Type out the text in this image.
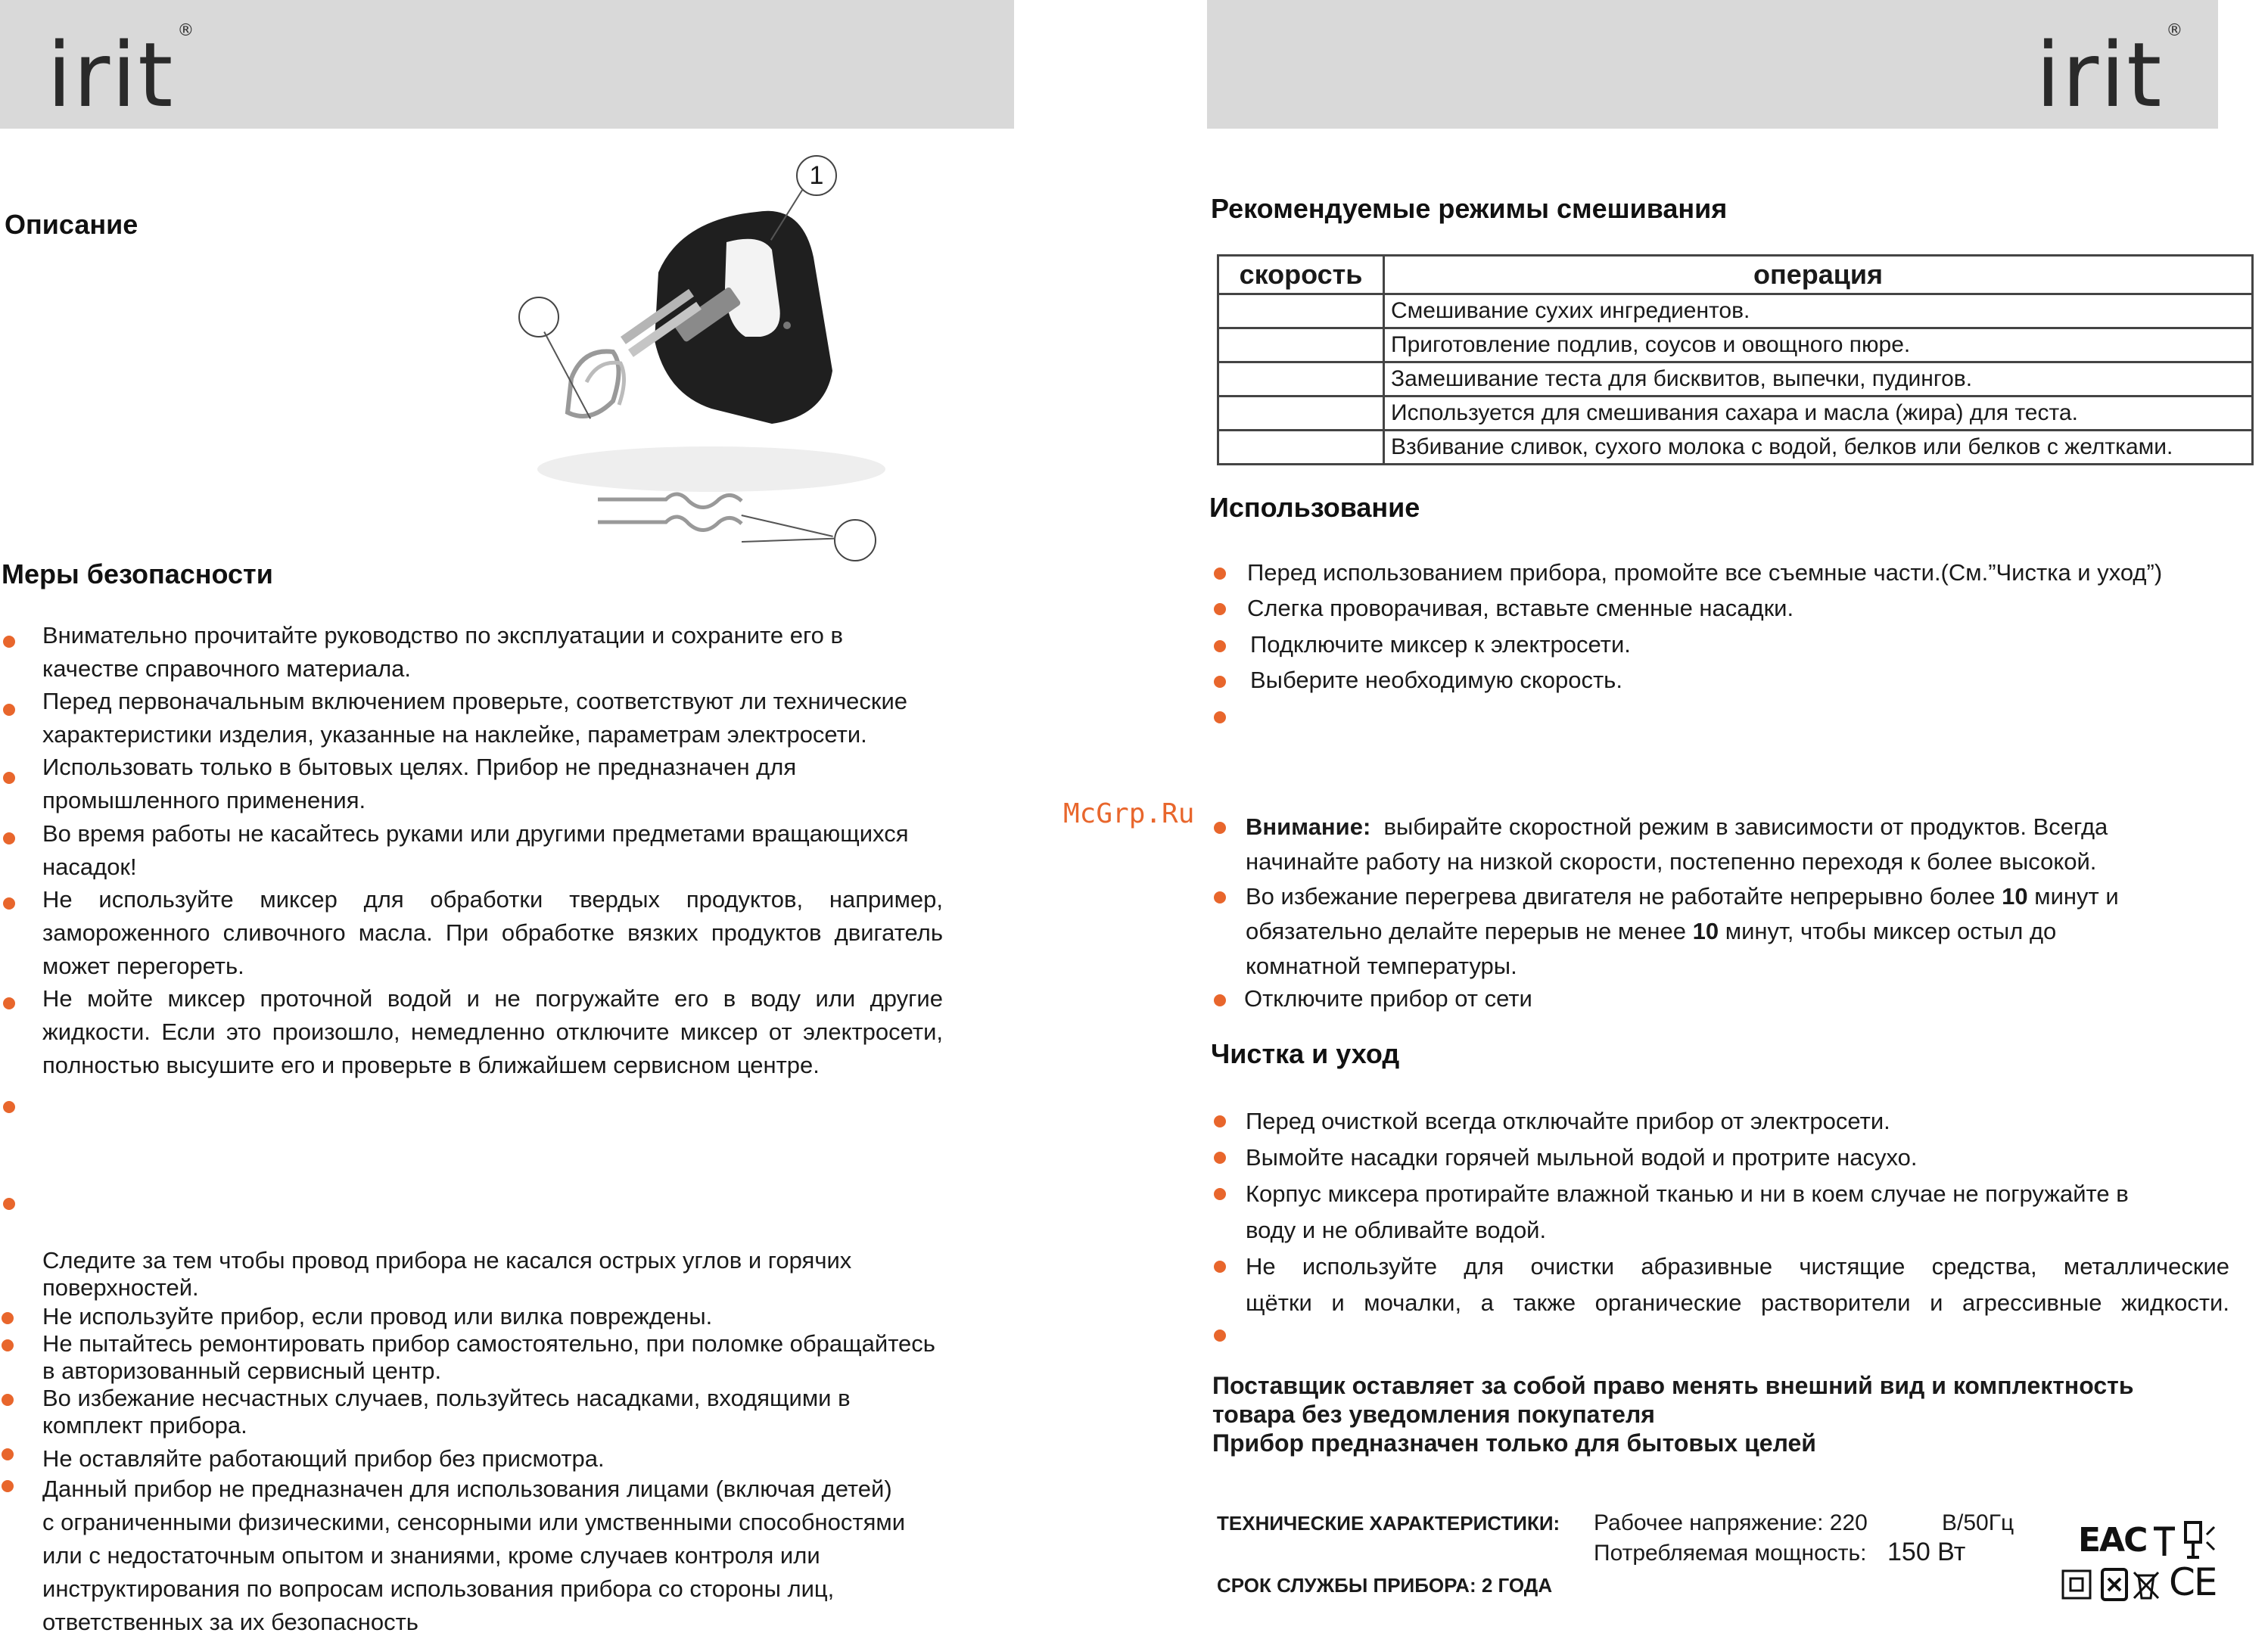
irit ®
Описание
1
Меры безопасности
Внимательно прочитайте руководство по эксплуатации и сохраните его в
качестве справочного материала.
Перед первоначальным включением проверьте, соответствуют ли технические
характеристики изделия, указанные на наклейке, параметрам электросети.
Использовать только в бытовых целях. Прибор не предназначен для
промышленного применения.
Во время работы не касайтесь руками или другими предметами вращающихся
насадок!
Не используйте миксер для обработки твердых продуктов, например,
замороженного сливочного масла. При обработке вязких продуктов двигатель
может перегореть.
Не мойте миксер проточной водой и не погружайте его в воду или другие
жидкости. Если это произошло, немедленно отключите миксер от электросети,
полностью высушите его и проверьте в ближайшем сервисном центре.
Следите за тем чтобы провод прибора не касался острых углов и горячих
поверхностей.
Не используйте прибор, если провод или вилка повреждены.
Не пытайтесь ремонтировать прибор самостоятельно, при поломке обращайтесь
в авторизованный сервисный центр.
Во избежание несчастных случаев, пользуйтесь насадками, входящими в
комплект прибора.
Не оставляйте работающий прибор без присмотра.
Данный прибор не предназначен для использования лицами (включая детей)
с ограниченными физическими, сенсорными или умственными способностями
или с недостаточным опытом и знаниями, кроме случаев контроля или
инструктирования по вопросам использования прибора со стороны лиц,
ответственных за их безопасность
McGrp.Ru
irit ®
Рекомендуемые режимы смешивания
скорость	операция
	Смешивание сухих ингредиентов.
	Приготовление подлив, соусов и овощного пюре.
	Замешивание теста для бисквитов, выпечки, пудингов.
	Используется для смешивания сахара и масла (жира) для теста.
	Взбивание сливок, сухого молока с водой, белков или белков с желтками.
Использование
Перед использованием прибора, промойте все съемные части.(См.”Чистка и уход”)
Слегка проворачивая, вставьте сменные насадки.
Подключите миксер к электросети.
Выберите необходимую скорость.
Внимание: выбирайте скоростной режим в зависимости от продуктов. Всегда
начинайте работу на низкой скорости, постепенно переходя к более высокой.
Во избежание перегрева двигателя не работайте непрерывно более 10 минут и
обязательно делайте перерыв не менее 10 минут, чтобы миксер остыл до
комнатной температуры.
Отключите прибор от сети
Чистка и уход
Перед очисткой всегда отключайте прибор от электросети.
Вымойте насадки горячей мыльной водой и протрите насухо.
Корпус миксера протирайте влажной тканью и ни в коем случае не погружайте в
воду и не обливайте водой.
Не используйте для очистки абразивные чистящие средства, металлические
щётки и мочалки, а также органические растворители и агрессивные жидкости.
Поставщик оставляет за собой право менять внешний вид и комплектность
товара без уведомления покупателя
Прибор предназначен только для бытовых целей
ТЕХНИЧЕСКИЕ ХАРАКТЕРИСТИКИ: Рабочее напряжение: 220	В/50Гц
Потребляемая мощность: 150 Вт
СРОК СЛУЖБЫ ПРИБОРА: 2 ГОДА
ЕАС
CE
